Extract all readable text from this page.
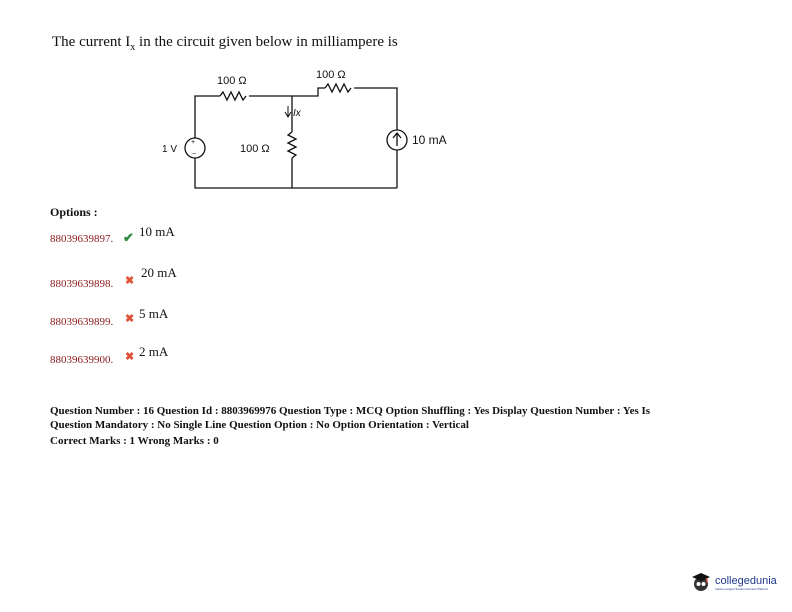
The current $I_x$ in the circuit given below in milliampere is
+
−
100 Ω	100 Ω
100 Ω
Ix
1 V
10 mA
Options :
88039639897. ✔ 10 mA
88039639898. ✖
20 mA
88039639899. ✖ 5 mA
88039639900. ✖ 2 mA
Question Number : 16 Question Id : 8803969976 Question Type : MCQ Option Shuffling : Yes Display Question Number : Yes Is
Question Mandatory : No Single Line Question Option : No Option Orientation : Vertical
Correct Marks : 1 Wrong Marks : 0
collegedunia
India's Largest Student Review Platform
